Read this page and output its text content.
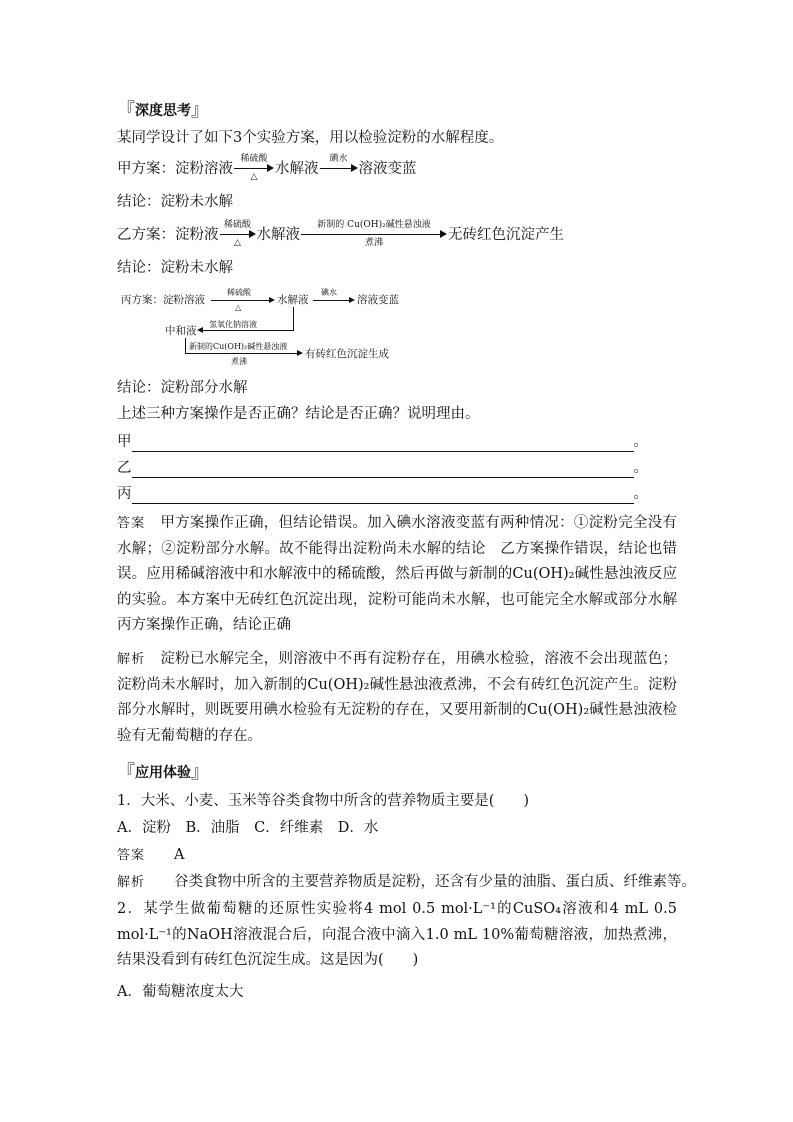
『深度思考』
某同学设计了如下3个实验方案，用以检验淀粉的水解程度。
甲方案：淀粉溶液
稀硫酸
△	水解液
碘水
溶液变蓝
结论：淀粉未水解
乙方案：淀粉液
稀硫酸
△	水解液
新制的 Cu(OH)₂碱性悬浊液
煮沸	无砖红色沉淀产生
结论：淀粉未水解
丙方案：淀粉溶液
稀硫酸
△
水解液
碘水
溶液变蓝
氢氧化钠溶液
中和液
新制的Cu(OH)₂碱性悬浊液
煮沸
有砖红色沉淀生成
结论：淀粉部分水解
上述三种方案操作是否正确？结论是否正确？说明理由。
甲	。
乙	。
丙	。
答案　 甲方案操作正确，但结论错误。加入碘水溶液变蓝有两种情况：①淀粉完全没有水解；②淀粉部分水解。故不能得出淀粉尚未水解的结论　乙方案操作错误，结论也错误。应用稀碱溶液中和水解液中的稀硫酸，然后再做与新制的Cu(OH)₂碱性悬浊液反应的实验。本方案中无砖红色沉淀出现，淀粉可能尚未水解，也可能完全水解或部分水解　丙方案操作正确，结论正确
解析　 淀粉已水解完全，则溶液中不再有淀粉存在，用碘水检验，溶液不会出现蓝色；淀粉尚未水解时，加入新制的Cu(OH)₂碱性悬浊液煮沸，不会有砖红色沉淀产生。淀粉部分水解时，则既要用碘水检验有无淀粉的存在，又要用新制的Cu(OH)₂碱性悬浊液检验有无葡萄糖的存在。
『应用体验』
1．大米、小麦、玉米等谷类食物中所含的营养物质主要是(　　)
A．淀粉　B．油脂　C．纤维素　D．水
答案　　 A
解析　　 谷类食物中所含的主要营养物质是淀粉，还含有少量的油脂、蛋白质、纤维素等。
2．某学生做葡萄糖的还原性实验将4 mol 0.5 mol·L⁻¹的CuSO₄溶液和4 mL 0.5 mol·L⁻¹的NaOH溶液混合后，向混合液中滴入1.0 mL 10%葡萄糖溶液，加热煮沸，结果没看到有砖红色沉淀生成。这是因为(　　)
A．葡萄糖浓度太大
